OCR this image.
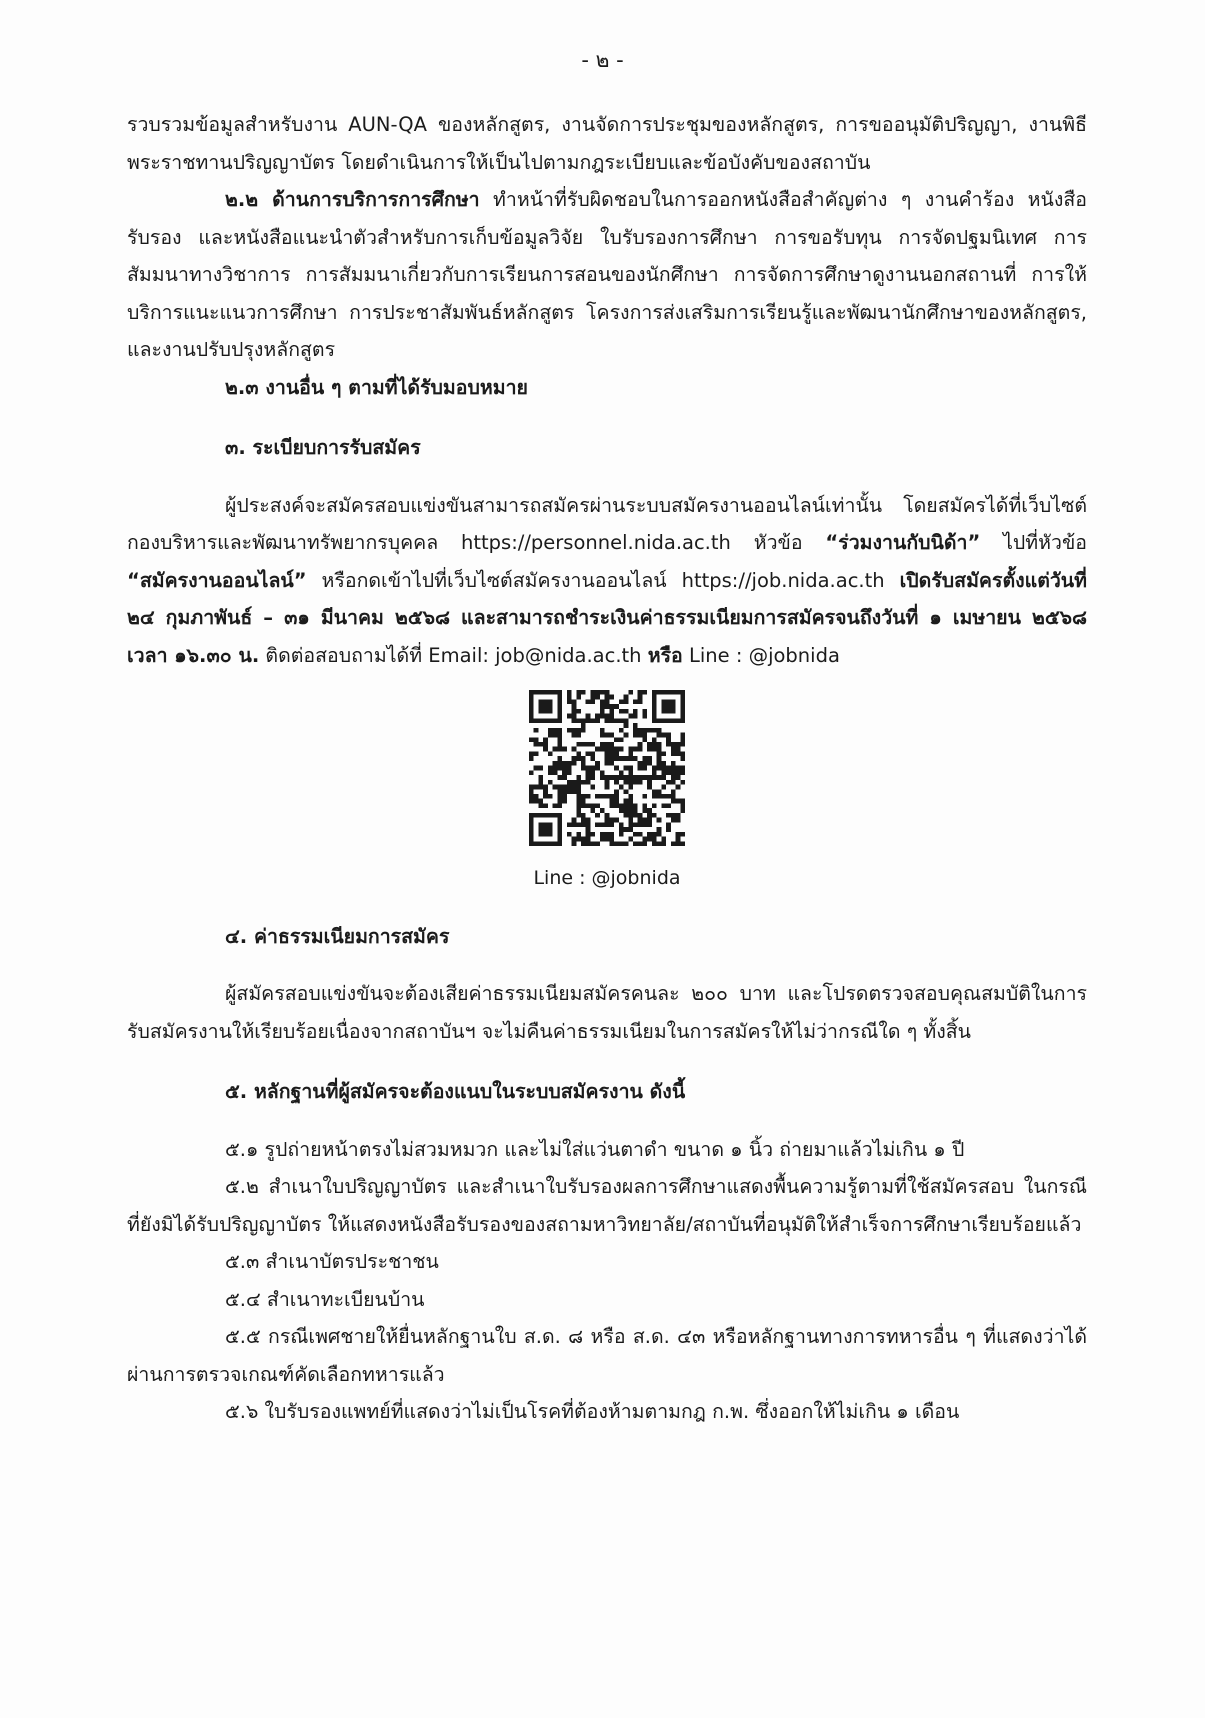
- ๒ -

รวบรวมข้อมูลสำหรับงาน AUN-QA ของหลักสูตร, งานจัดการประชุมของหลักสูตร, การขออนุมัติปริญญา, งานพิธีพระราชทานปริญญาบัตร โดยดำเนินการให้เป็นไปตามกฎระเบียบและข้อบังคับของสถาบัน

๒.๒ ด้านการบริการการศึกษา ทำหน้าที่รับผิดชอบในการออกหนังสือสำคัญต่าง ๆ งานคำร้อง หนังสือรับรอง และหนังสือแนะนำตัวสำหรับการเก็บข้อมูลวิจัย ใบรับรองการศึกษา การขอรับทุน การจัดปฐมนิเทศ การสัมมนาทางวิชาการ การสัมมนาเกี่ยวกับการเรียนการสอนของนักศึกษา การจัดการศึกษาดูงานนอกสถานที่ การให้บริการแนะแนวการศึกษา การประชาสัมพันธ์หลักสูตร โครงการส่งเสริมการเรียนรู้และพัฒนานักศึกษาของหลักสูตร, และงานปรับปรุงหลักสูตร

๒.๓ งานอื่น ๆ ตามที่ได้รับมอบหมาย

๓. ระเบียบการรับสมัคร

ผู้ประสงค์จะสมัครสอบแข่งขันสามารถสมัครผ่านระบบสมัครงานออนไลน์เท่านั้น โดยสมัครได้ที่เว็บไซต์กองบริหารและพัฒนาทรัพยากรบุคคล https://personnel.nida.ac.th หัวข้อ “ร่วมงานกับนิด้า” ไปที่หัวข้อ “สมัครงานออนไลน์” หรือกดเข้าไปที่เว็บไซต์สมัครงานออนไลน์ https://job.nida.ac.th เปิดรับสมัครตั้งแต่วันที่ ๒๔ กุมภาพันธ์ – ๓๑ มีนาคม ๒๕๖๘ และสามารถชำระเงินค่าธรรมเนียมการสมัครจนถึงวันที่ ๑ เมษายน ๒๕๖๘ เวลา ๑๖.๓๐ น. ติดต่อสอบถามได้ที่ Email: job@nida.ac.th หรือ Line : @jobnida

Line : @jobnida

๔. ค่าธรรมเนียมการสมัคร

ผู้สมัครสอบแข่งขันจะต้องเสียค่าธรรมเนียมสมัครคนละ ๒๐๐ บาท และโปรดตรวจสอบคุณสมบัติในการรับสมัครงานให้เรียบร้อยเนื่องจากสถาบันฯ จะไม่คืนค่าธรรมเนียมในการสมัครให้ไม่ว่ากรณีใด ๆ ทั้งสิ้น

๕. หลักฐานที่ผู้สมัครจะต้องแนบในระบบสมัครงาน ดังนี้

๕.๑ รูปถ่ายหน้าตรงไม่สวมหมวก และไม่ใส่แว่นตาดำ ขนาด ๑ นิ้ว ถ่ายมาแล้วไม่เกิน ๑ ปี

๕.๒ สำเนาใบปริญญาบัตร และสำเนาใบรับรองผลการศึกษาแสดงพื้นความรู้ตามที่ใช้สมัครสอบ ในกรณีที่ยังมิได้รับปริญญาบัตร ให้แสดงหนังสือรับรองของสถามหาวิทยาลัย/สถาบันที่อนุมัติให้สำเร็จการศึกษาเรียบร้อยแล้ว

๕.๓ สำเนาบัตรประชาชน

๕.๔ สำเนาทะเบียนบ้าน

๕.๕ กรณีเพศชายให้ยื่นหลักฐานใบ ส.ด. ๘ หรือ ส.ด. ๔๓ หรือหลักฐานทางการทหารอื่น ๆ ที่แสดงว่าได้ผ่านการตรวจเกณฑ์คัดเลือกทหารแล้ว

๕.๖ ใบรับรองแพทย์ที่แสดงว่าไม่เป็นโรคที่ต้องห้ามตามกฎ ก.พ. ซึ่งออกให้ไม่เกิน ๑ เดือน
